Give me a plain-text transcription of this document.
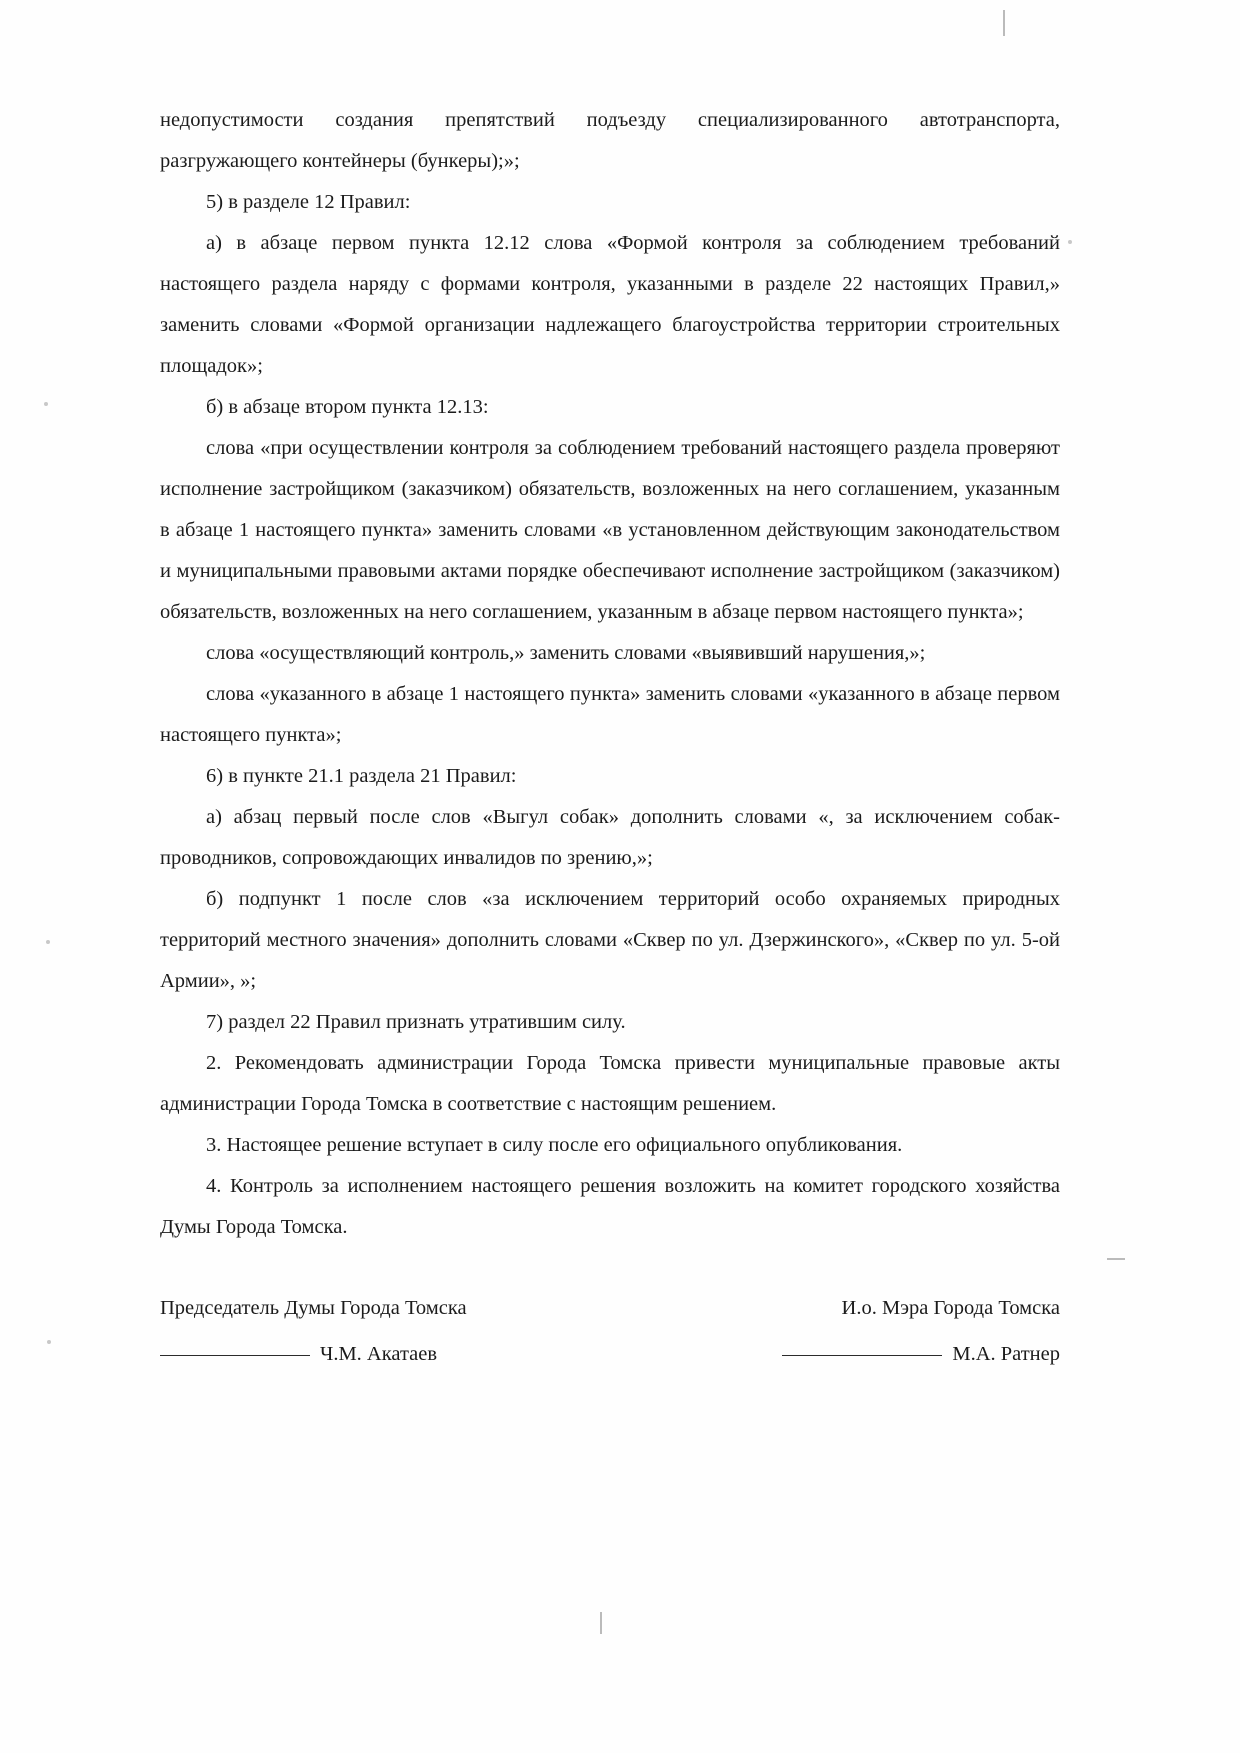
недопустимости создания препятствий подъезду специализированного автотранспорта, разгружающего контейнеры (бункеры);»;

5) в разделе 12 Правил:

а) в абзаце первом пункта 12.12 слова «Формой контроля за соблюдением требований настоящего раздела наряду с формами контроля, указанными в разделе 22 настоящих Правил,» заменить словами «Формой организации надлежащего благоустройства территории строительных площадок»;

б) в абзаце втором пункта 12.13:

слова «при осуществлении контроля за соблюдением требований настоящего раздела проверяют исполнение застройщиком (заказчиком) обязательств, возложенных на него соглашением, указанным в абзаце 1 настоящего пункта» заменить словами «в установленном действующим законодательством и муниципальными правовыми актами порядке обеспечивают исполнение застройщиком (заказчиком) обязательств, возложенных на него соглашением, указанным в абзаце первом настоящего пункта»;

слова «осуществляющий контроль,» заменить словами «выявивший нарушения,»;

слова «указанного в абзаце 1 настоящего пункта» заменить словами «указанного в абзаце первом настоящего пункта»;

6) в пункте 21.1 раздела 21 Правил:

а) абзац первый после слов «Выгул собак» дополнить словами «, за исключением собак-проводников, сопровождающих инвалидов по зрению,»;

б) подпункт 1 после слов «за исключением территорий особо охраняемых природных территорий местного значения» дополнить словами «Сквер по ул. Дзержинского», «Сквер по ул. 5-ой Армии», »;

7) раздел 22 Правил признать утратившим силу.

2. Рекомендовать администрации Города Томска привести муниципальные правовые акты администрации Города Томска в соответствие с настоящим решением.

3. Настоящее решение вступает в силу после его официального опубликования.

4. Контроль за исполнением настоящего решения возложить на комитет городского хозяйства Думы Города Томска.

Председатель Думы Города Томска	И.о. Мэра Города Томска
Ч.М. Акатаев	М.А. Ратнер
